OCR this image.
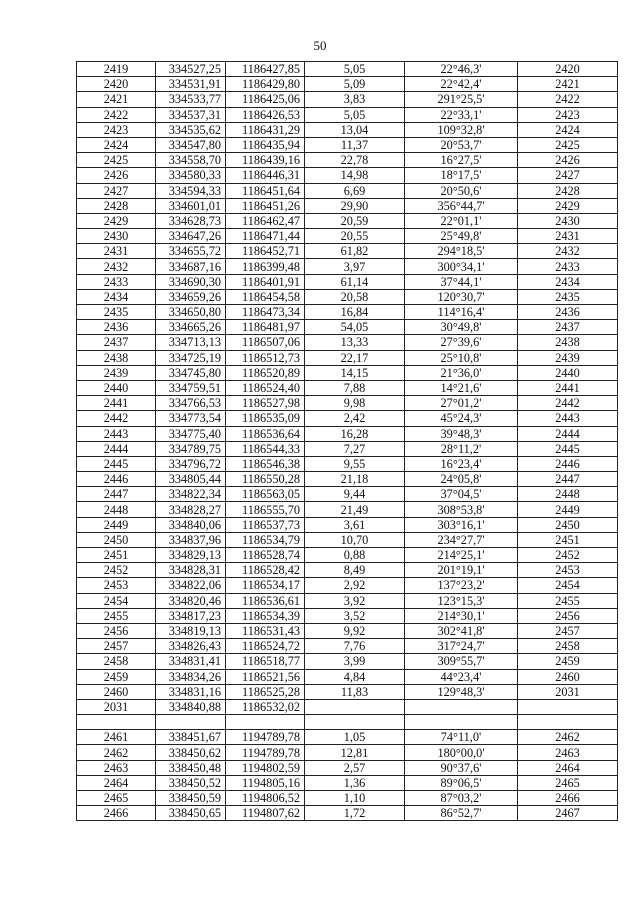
50
2419	334527,25	1186427,85	5,05	22°46,3'	2420
2420	334531,91	1186429,80	5,09	22°42,4'	2421
2421	334533,77	1186425,06	3,83	291°25,5'	2422
2422	334537,31	1186426,53	5,05	22°33,1'	2423
2423	334535,62	1186431,29	13,04	109°32,8'	2424
2424	334547,80	1186435,94	11,37	20°53,7'	2425
2425	334558,70	1186439,16	22,78	16°27,5'	2426
2426	334580,33	1186446,31	14,98	18°17,5'	2427
2427	334594,33	1186451,64	6,69	20°50,6'	2428
2428	334601,01	1186451,26	29,90	356°44,7'	2429
2429	334628,73	1186462,47	20,59	22°01,1'	2430
2430	334647,26	1186471,44	20,55	25°49,8'	2431
2431	334655,72	1186452,71	61,82	294°18,5'	2432
2432	334687,16	1186399,48	3,97	300°34,1'	2433
2433	334690,30	1186401,91	61,14	37°44,1'	2434
2434	334659,26	1186454,58	20,58	120°30,7'	2435
2435	334650,80	1186473,34	16,84	114°16,4'	2436
2436	334665,26	1186481,97	54,05	30°49,8'	2437
2437	334713,13	1186507,06	13,33	27°39,6'	2438
2438	334725,19	1186512,73	22,17	25°10,8'	2439
2439	334745,80	1186520,89	14,15	21°36,0'	2440
2440	334759,51	1186524,40	7,88	14°21,6'	2441
2441	334766,53	1186527,98	9,98	27°01,2'	2442
2442	334773,54	1186535,09	2,42	45°24,3'	2443
2443	334775,40	1186536,64	16,28	39°48,3'	2444
2444	334789,75	1186544,33	7,27	28°11,2'	2445
2445	334796,72	1186546,38	9,55	16°23,4'	2446
2446	334805,44	1186550,28	21,18	24°05,8'	2447
2447	334822,34	1186563,05	9,44	37°04,5'	2448
2448	334828,27	1186555,70	21,49	308°53,8'	2449
2449	334840,06	1186537,73	3,61	303°16,1'	2450
2450	334837,96	1186534,79	10,70	234°27,7'	2451
2451	334829,13	1186528,74	0,88	214°25,1'	2452
2452	334828,31	1186528,42	8,49	201°19,1'	2453
2453	334822,06	1186534,17	2,92	137°23,2'	2454
2454	334820,46	1186536,61	3,92	123°15,3'	2455
2455	334817,23	1186534,39	3,52	214°30,1'	2456
2456	334819,13	1186531,43	9,92	302°41,8'	2457
2457	334826,43	1186524,72	7,76	317°24,7'	2458
2458	334831,41	1186518,77	3,99	309°55,7'	2459
2459	334834,26	1186521,56	4,84	44°23,4'	2460
2460	334831,16	1186525,28	11,83	129°48,3'	2031
2031	334840,88	1186532,02			

2461	338451,67	1194789,78	1,05	74°11,0'	2462
2462	338450,62	1194789,78	12,81	180°00,0'	2463
2463	338450,48	1194802,59	2,57	90°37,6'	2464
2464	338450,52	1194805,16	1,36	89°06,5'	2465
2465	338450,59	1194806,52	1,10	87°03,2'	2466
2466	338450,65	1194807,62	1,72	86°52,7'	2467
